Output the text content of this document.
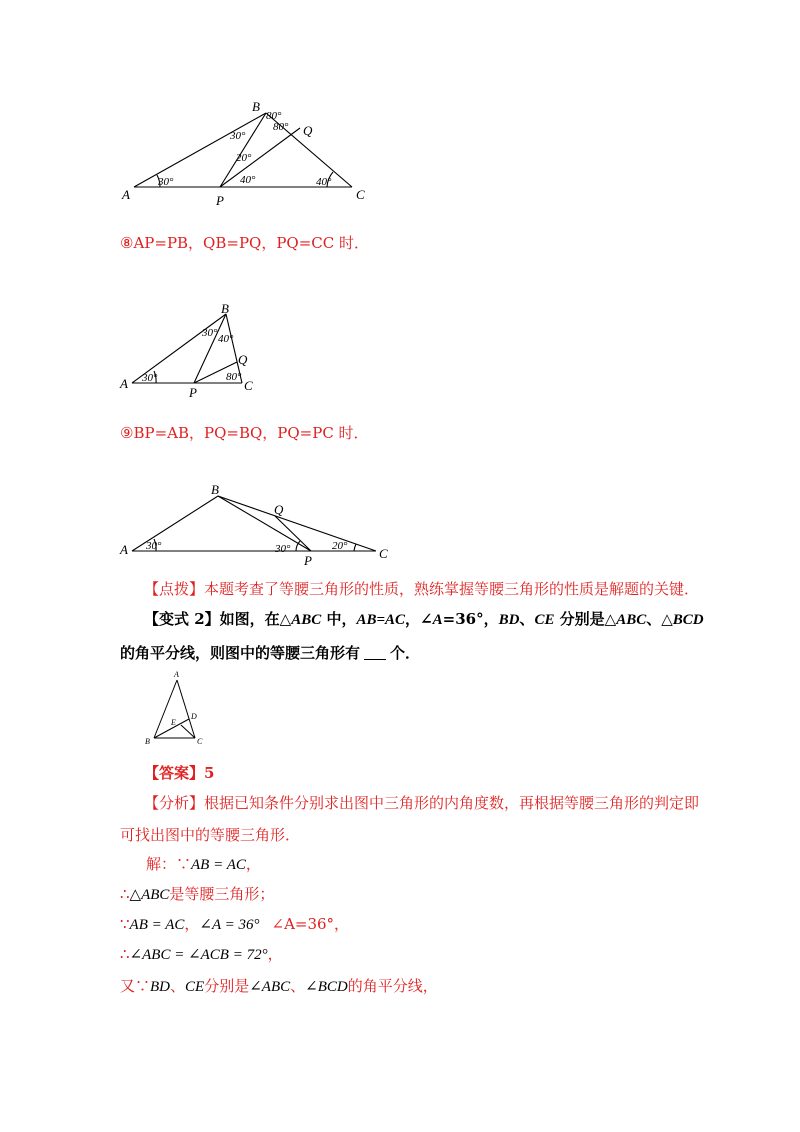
A
B
C
P
Q
30°
80°
30°
80°
20°
40°	40°
⑧AP=PB，QB=PQ，PQ=CC 时．
A
B
C
P
Q
30°
30° 40°
80°
⑨BP=AB，PQ=BQ，PQ=PC 时．
A
B
C
P
Q
30°	30°	20°
【点拨】本题考查了等腰三角形的性质，熟练掌握等腰三角形的性质是解题的关键．
【变式 2】如图，在△ABC 中，AB=AC，∠A=36°，BD、CE 分别是△ABC、△BCD
的角平分线，则图中的等腰三角形有 个．
A
B	C
D
E
【答案】5
【分析】根据已知条件分别求出图中三角形的内角度数，再根据等腰三角形的判定即
可找出图中的等腰三角形．
解：∵AB = AC，
∴△ABC是等腰三角形；
∵AB = AC，∠A = 36° ∠A=36°，
∴∠ABC = ∠ACB = 72°，
又∵BD、CE分别是∠ABC、∠BCD的角平分线，
